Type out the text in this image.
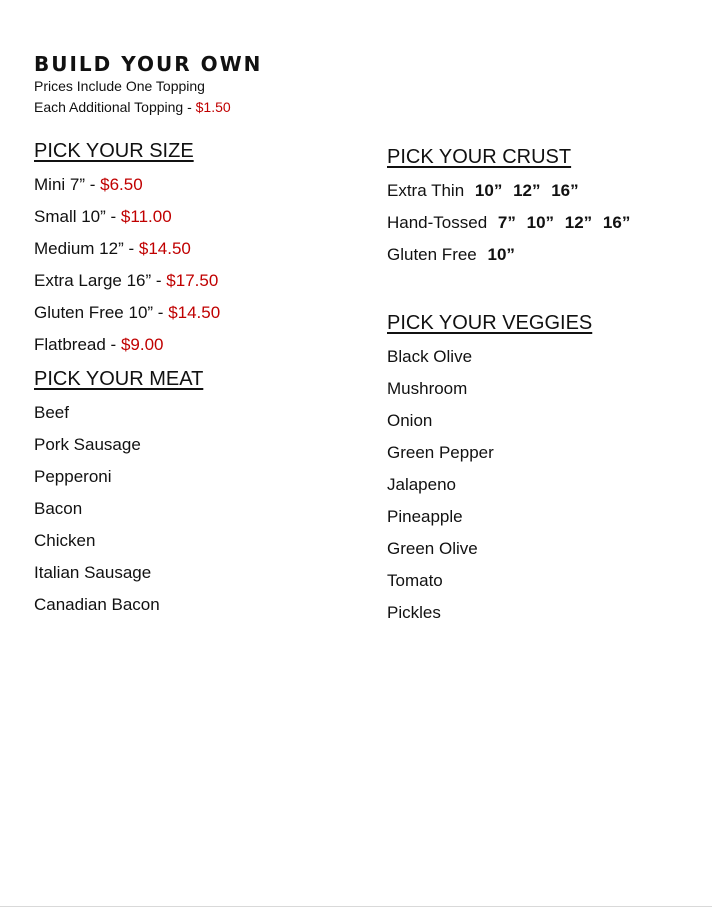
BUILD YOUR OWN
Prices Include One Topping
Each Additional Topping - $1.50
PICK YOUR SIZE
Mini 7” - $6.50
Small 10” - $11.00
Medium 12” - $14.50
Extra Large 16” - $17.50
Gluten Free 10” - $14.50
Flatbread - $9.00
PICK YOUR MEAT
Beef
Pork Sausage
Pepperoni
Bacon
Chicken
Italian Sausage
Canadian Bacon
PICK YOUR CRUST
Extra Thin 10” 12” 16”
Hand-Tossed 7” 10” 12” 16”
Gluten Free 10”
PICK YOUR VEGGIES
Black Olive
Mushroom
Onion
Green Pepper
Jalapeno
Pineapple
Green Olive
Tomato
Pickles
